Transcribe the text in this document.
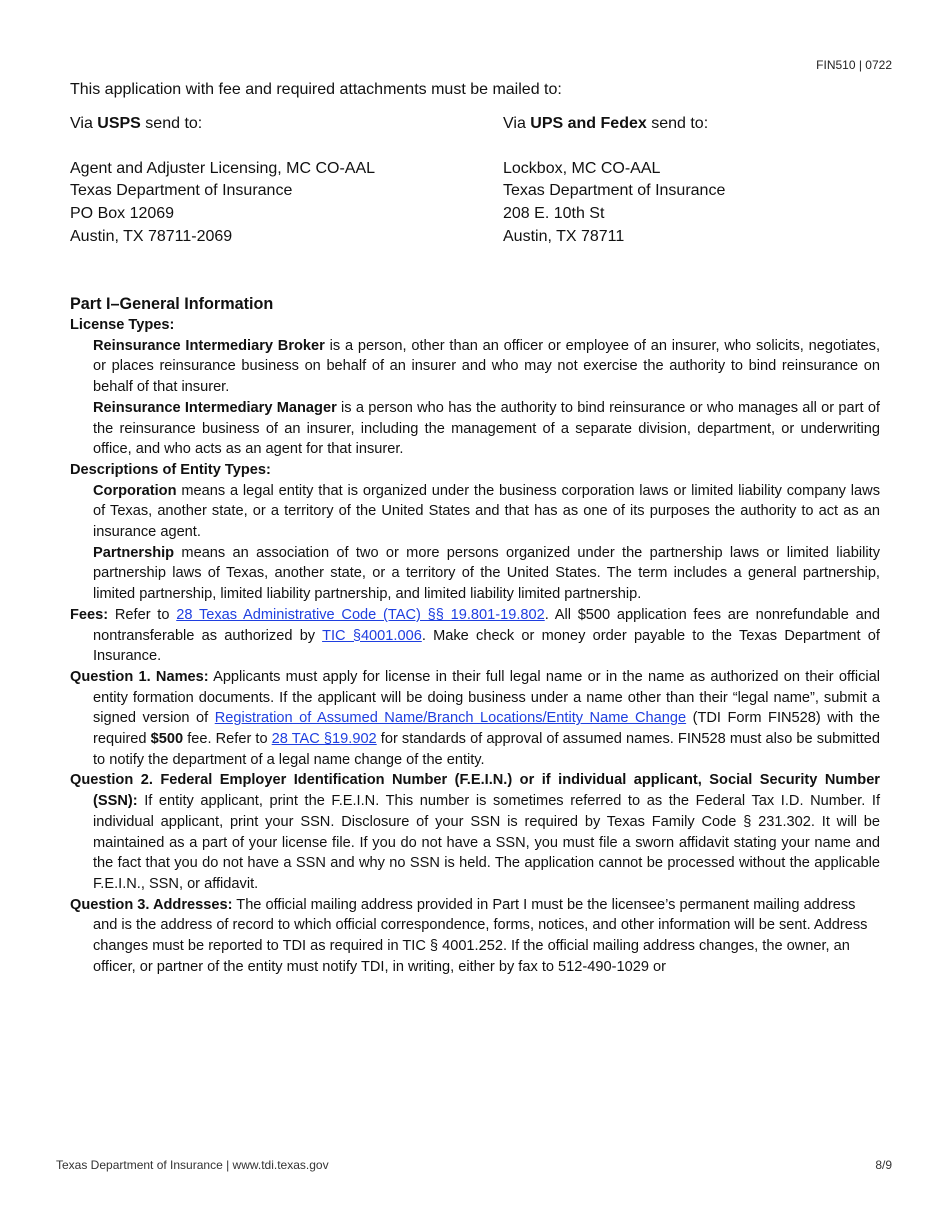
FIN510 | 0722
This application with fee and required attachments must be mailed to:
Via USPS send to:
Agent and Adjuster Licensing, MC CO-AAL
Texas Department of Insurance
PO Box 12069
Austin, TX 78711-2069
Via UPS and Fedex send to:
Lockbox, MC CO-AAL
Texas Department of Insurance
208 E. 10th St
Austin, TX 78711
Part I–General Information
License Types:
Reinsurance Intermediary Broker is a person, other than an officer or employee of an insurer, who solicits, negotiates, or places reinsurance business on behalf of an insurer and who may not exercise the authority to bind reinsurance on behalf of that insurer.
Reinsurance Intermediary Manager is a person who has the authority to bind reinsurance or who manages all or part of the reinsurance business of an insurer, including the management of a separate division, department, or underwriting office, and who acts as an agent for that insurer.
Descriptions of Entity Types:
Corporation means a legal entity that is organized under the business corporation laws or limited liability company laws of Texas, another state, or a territory of the United States and that has as one of its purposes the authority to act as an insurance agent.
Partnership means an association of two or more persons organized under the partnership laws or limited liability partnership laws of Texas, another state, or a territory of the United States. The term includes a general partnership, limited partnership, limited liability partnership, and limited liability limited partnership.
Fees: Refer to 28 Texas Administrative Code (TAC) §§ 19.801-19.802. All $500 application fees are nonrefundable and nontransferable as authorized by TIC §4001.006. Make check or money order payable to the Texas Department of Insurance.
Question 1. Names: Applicants must apply for license in their full legal name or in the name as authorized on their official entity formation documents. If the applicant will be doing business under a name other than their “legal name”, submit a signed version of Registration of Assumed Name/Branch Locations/Entity Name Change (TDI Form FIN528) with the required $500 fee. Refer to 28 TAC §19.902 for standards of approval of assumed names. FIN528 must also be submitted to notify the department of a legal name change of the entity.
Question 2. Federal Employer Identification Number (F.E.I.N.) or if individual applicant, Social Security Number (SSN): If entity applicant, print the F.E.I.N. This number is sometimes referred to as the Federal Tax I.D. Number. If individual applicant, print your SSN. Disclosure of your SSN is required by Texas Family Code § 231.302. It will be maintained as a part of your license file. If you do not have a SSN, you must file a sworn affidavit stating your name and the fact that you do not have a SSN and why no SSN is held. The application cannot be processed without the applicable F.E.I.N., SSN, or affidavit.
Question 3. Addresses: The official mailing address provided in Part I must be the licensee’s permanent mailing address and is the address of record to which official correspondence, forms, notices, and other information will be sent. Address changes must be reported to TDI as required in TIC § 4001.252. If the official mailing address changes, the owner, an officer, or partner of the entity must notify TDI, in writing, either by fax to 512-490-1029 or
Texas Department of Insurance | www.tdi.texas.gov	8/9
